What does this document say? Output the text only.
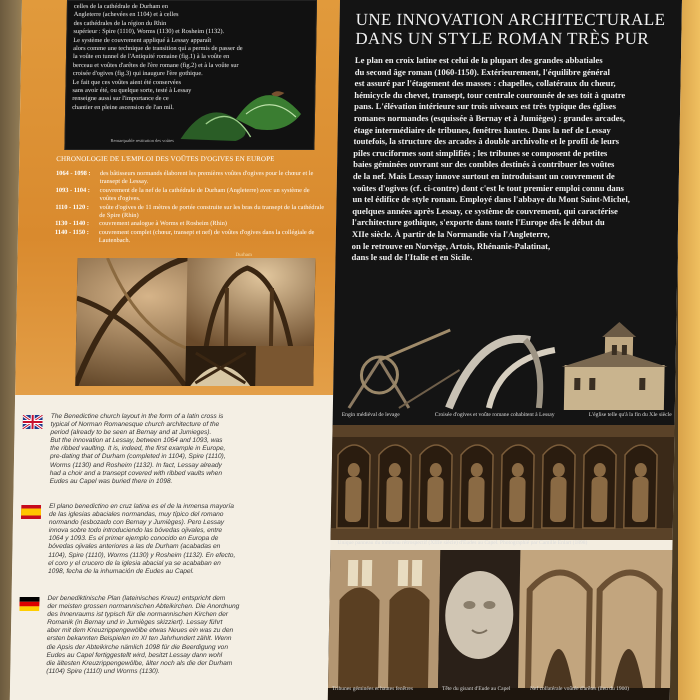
celles de la cathédrale de Durham en
Angleterre (achevées en 1104) et à celles
des cathédrales de la région du Rhin
supérieur : Spire (1110), Worms (1130) et Rosheim (1132).
Le système de couvrement appliqué à Lessay apparaît
alors comme une technique de transition qui a permis de passer de
la voûte en tunnel de l'Antiquité romaine (fig.1) à la voûte en
berceau et voûtes d'arêtes de l'ère romane (fig.2) et à la voûte sur
croisée d'ogives (fig.3) qui inaugure l'ère gothique.
Le fait que ces voûtes aient été conservées
sans avoir été, ou quelque sorte, testé à Lessay
renseigne aussi sur l'importance de ce
chantier en pleine ascension de l'an mil.

Remarquable restitution des voûtes
CHRONOLOGIE DE L'EMPLOI DES VOÛTES D'OGIVES EN EUROPE
1064 - 1098 :	des bâtisseurs normands élaborent les premières voûtes d'ogives pour le chœur et le transept de Lessay.
1093 - 1104 :	couvrement de la nef de la cathédrale de Durham (Angleterre) avec un système de voûtes d'ogives.
1110 - 1120 :	voûte d'ogives de 11 mètres de portée construite sur les bras du transept de la cathédrale de Spire (Rhin)
1130 - 1140 :	couvrement analogue à Worms et Rosheim (Rhin)
1140 - 1150 :	couvrement complet (chœur, transept et nef) de voûtes d'ogives dans la collégiale de Lautenbach.
Durham
The Benedictine church layout in the form of a latin cross is
typical of Norman Romanesque church architecture of the
period (already to be seen at Bernay and at Jumieges).
But the innovation at Lessay, between 1064 and 1093, was
the ribbed vaulting. It is, indeed, the first example in Europe,
pre-dating that of Durham (completed in 1104), Spire (1110),
Worms (1130) and Rosheim (1132). In fact, Lessay already
had a choir and a transept covered with ribbed vaults when
Eudes au Capel was buried there in 1098.
El plano benedictino en cruz latina es el de la inmensa mayoría
de las iglesias abaciales normandas, muy típico del romano
normando (esbozado con Bernay y Jumièges). Pero Lessay
innova sobre todo introduciendo las bóvedas ojivales, entre
1064 y 1093. Es el primer ejemplo conocido en Europa de
bóvedas ojivales anteriores a las de Durham (acabadas en
1104), Spire (1110), Worms (1130) y Rosheim (1132). En efecto,
el coro y el crucero de la iglesia abacial ya se acababan en
1098, fecha de la inhumación de Eudes au Capel.
Der benediktinische Plan (lateinisches Kreuz) entspricht dem
der meisten grossen normannischen Abteikirchen. Die Anordnung
des Innenraums ist typisch für die normannischen Kirchen der
Romanik (in Bernay und in Jumièges skizziert). Lessay führt
aber mit dem Kreuzrippengewölbe etwas Neues ein was zu den
ersten bekannten Beispielen im XI ten Jahrhundert zählt. Wenn
die Apsis der Abteikirche nämlich 1098 für die Beerdigung von
Eudes au Capel fertiggestellt wird, besitzt Lessay dann wohl
die ältesten Kreuzrippengewölbe, älter noch als die der Durham
(1104) Spire (1110) und Worms (1130).
UNE INNOVATION ARCHITECTURALE
DANS UN STYLE ROMAN TRÈS PUR
Le plan en croix latine est celui de la plupart des grandes abbatiales
du second âge roman (1060-1150). Extérieurement, l'équilibre général
est assuré par l'étagement des masses : chapelles, collatéraux du chœur,
hémicycle du chevet, transept, tour centrale couronnée de ses toit à quatre
pans. L'élévation intérieure sur trois niveaux est très typique des églises
romanes normandes (esquissée à Bernay et à Jumièges) : grandes arcades,
étage intermédiaire de tribunes, fenêtres hautes. Dans la nef de Lessay
toutefois, la structure des arcades à double archivolte et le profil de leurs
piles cruciformes sont simplifiés ; les tribunes se composent de petites
baies géminées ouvrant sur des combles destinés à contribuer les voûtes
de la nef. Mais Lessay innove surtout en introduisant un couvrement de
voûtes d'ogives (cf. ci-contre) dont c'est le tout premier emploi connu dans
un tel édifice de style roman. Employé dans l'abbaye du Mont Saint-Michel,
quelques années après Lessay, ce système de couvrement, qui caractérise
l'architecture gothique, s'exporte dans toute l'Europe dès le début du
XIIe siècle. À partir de la Normandie via l'Angleterre,
on le retrouve en Norvège, Artois, Rhénanie-Palatinat,
dans le sud de l'Italie et en Sicile.
Engin médiéval de levage	Croisée d'ogives et voûte romane cohabitent à Lessay	L'église telle qu'à la fin du XIe siècle
Unique panneau du tombeau rétrospectif (XIIIe siècle) d'Eudes au Capel. Photographié par Camille Enlart (1898)
Tribunes géminées et hautes fenêtres	Tête du gisant d'Eude au Capel	Nef collatérale voûtée d'arêtes (lieu du 1900)
